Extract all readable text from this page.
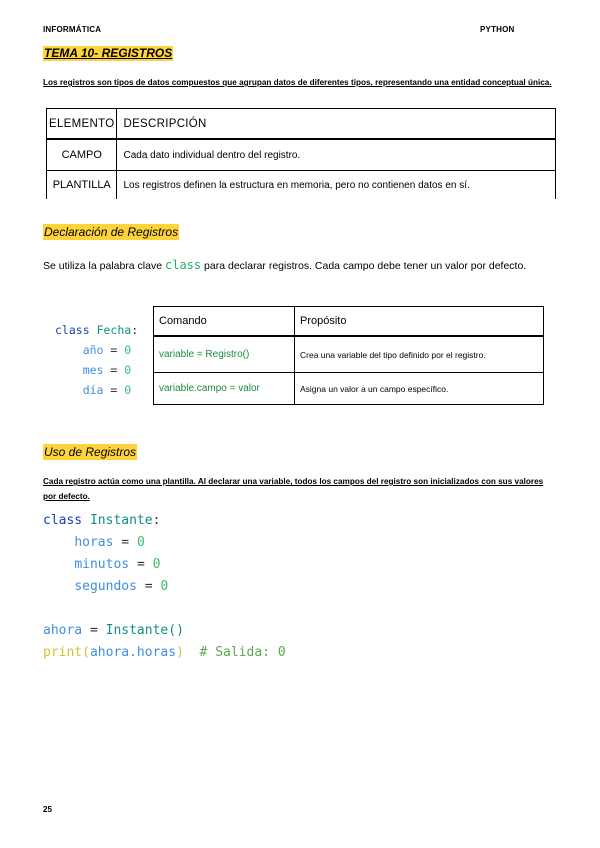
INFORMÁTICA	PYTHON
TEMA 10- REGISTROS
Los registros son tipos de datos compuestos que agrupan datos de diferentes tipos, representando una entidad conceptual única.
ELEMENTO	DESCRIPCIÓN
CAMPO	Cada dato individual dentro del registro.
PLANTILLA	Los registros definen la estructura en memoria, pero no contienen datos en sí.
Declaración de Registros
Se utiliza la palabra clave class para declarar registros. Cada campo debe tener un valor por defecto.
class Fecha:
año = 0
mes = 0
día = 0
Comando	Propósito
variable = Registro()	Crea una variable del tipo definido por el registro.
variable.campo = valor	Asigna un valor a un campo específico.
Uso de Registros
Cada registro actúa como una plantilla. Al declarar una variable, todos los campos del registro son inicializados con sus valores por defecto.
class Instante:
horas = 0
minutos = 0
segundos = 0

ahora = Instante()
print(ahora.horas) # Salida: 0
25
